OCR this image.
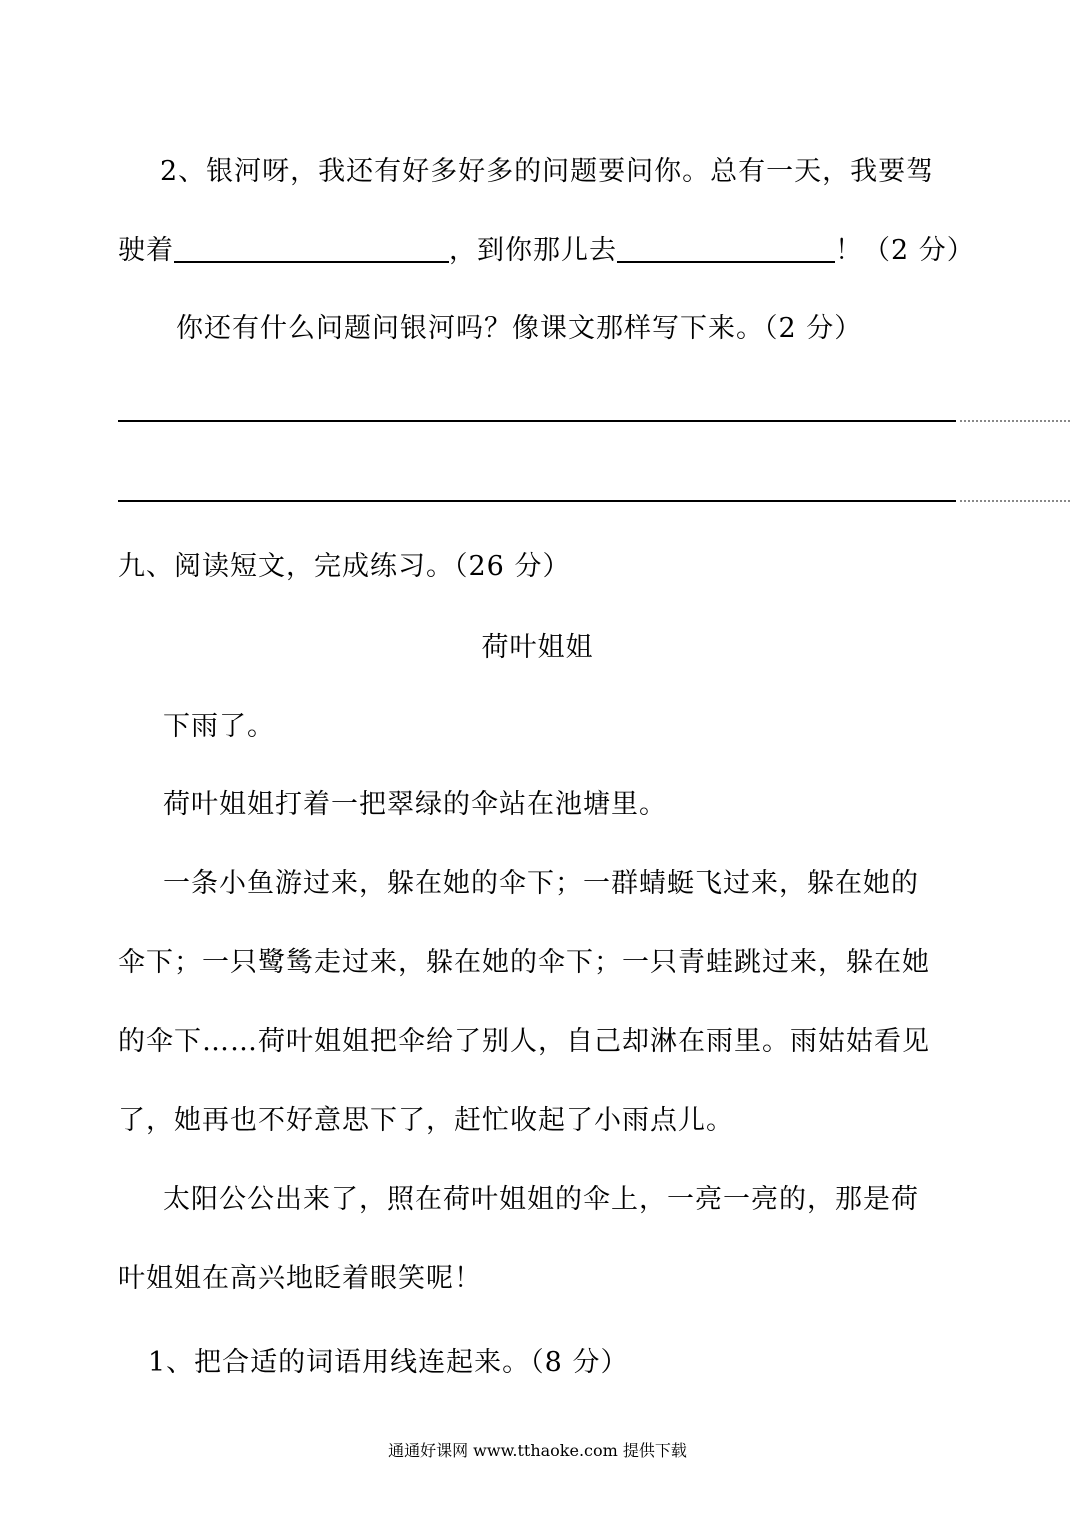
2、银河呀，我还有好多好多的问题要问你。总有一天，我要驾
驶着	，到你那儿去	！（2 分）
你还有什么问题问银河吗？像课文那样写下来。（2 分）
九、阅读短文，完成练习。（26 分）
荷叶姐姐
下雨了。
荷叶姐姐打着一把翠绿的伞站在池塘里。
一条小鱼游过来，躲在她的伞下；一群蜻蜓飞过来，躲在她的
伞下；一只鹭鸶走过来，躲在她的伞下；一只青蛙跳过来，躲在她
的伞下……荷叶姐姐把伞给了别人，自己却淋在雨里。雨姑姑看见
了，她再也不好意思下了，赶忙收起了小雨点儿。
太阳公公出来了，照在荷叶姐姐的伞上，一亮一亮的，那是荷
叶姐姐在高兴地眨着眼笑呢！
1、把合适的词语用线连起来。（8 分）
通通好课网 www.tthaoke.com 提供下载
